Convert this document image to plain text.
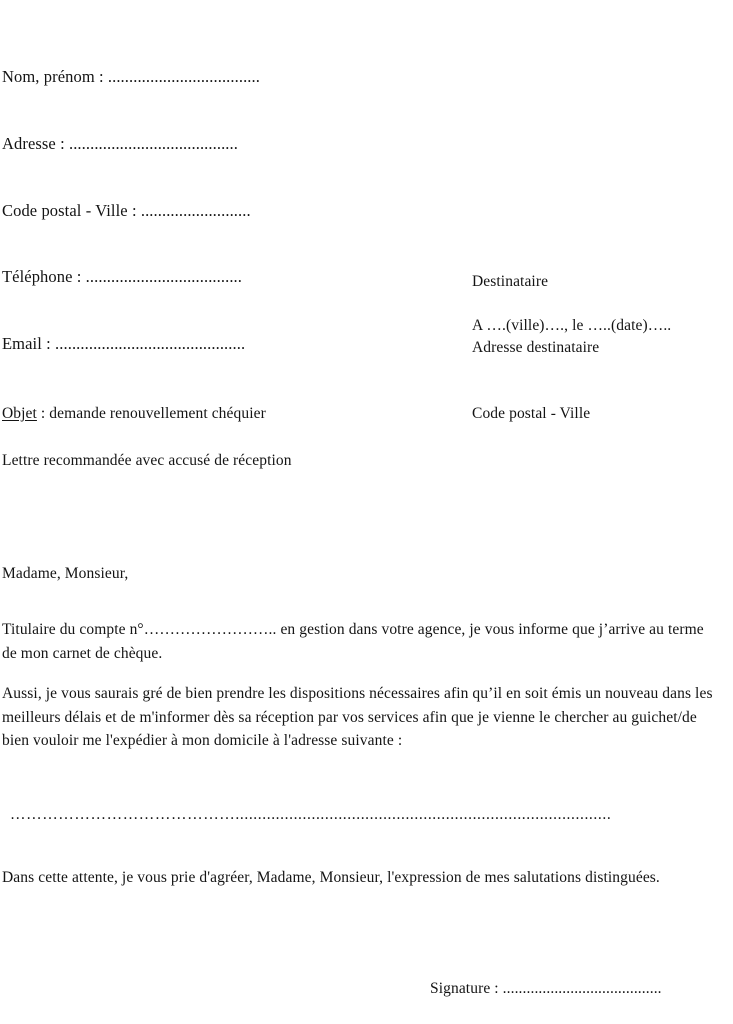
Nom, prénom : ....................................

Adresse : ........................................

Code postal - Ville : ..........................

Téléphone : .....................................

Email : .............................................

Destinataire

Adresse destinataire

Code postal - Ville

A ….(ville)…., le …..(date)…..
Objet : demande renouvellement chéquier
Lettre recommandée avec accusé de réception
Madame, Monsieur,
Titulaire du compte n°…………………….. en gestion dans votre agence, je vous informe que j’arrive au terme de mon carnet de chèque.
Aussi, je vous saurais gré de bien prendre les dispositions nécessaires afin qu’il en soit émis un nouveau dans les meilleurs délais et de m'informer dès sa réception par vos services afin que je vienne le chercher au guichet/de bien vouloir me l'expédier à mon domicile à l'adresse suivante :
……………………………………....................................................................................
Dans cette attente, je vous prie d'agréer, Madame, Monsieur, l'expression de mes salutations distinguées.
Signature : ........................................
